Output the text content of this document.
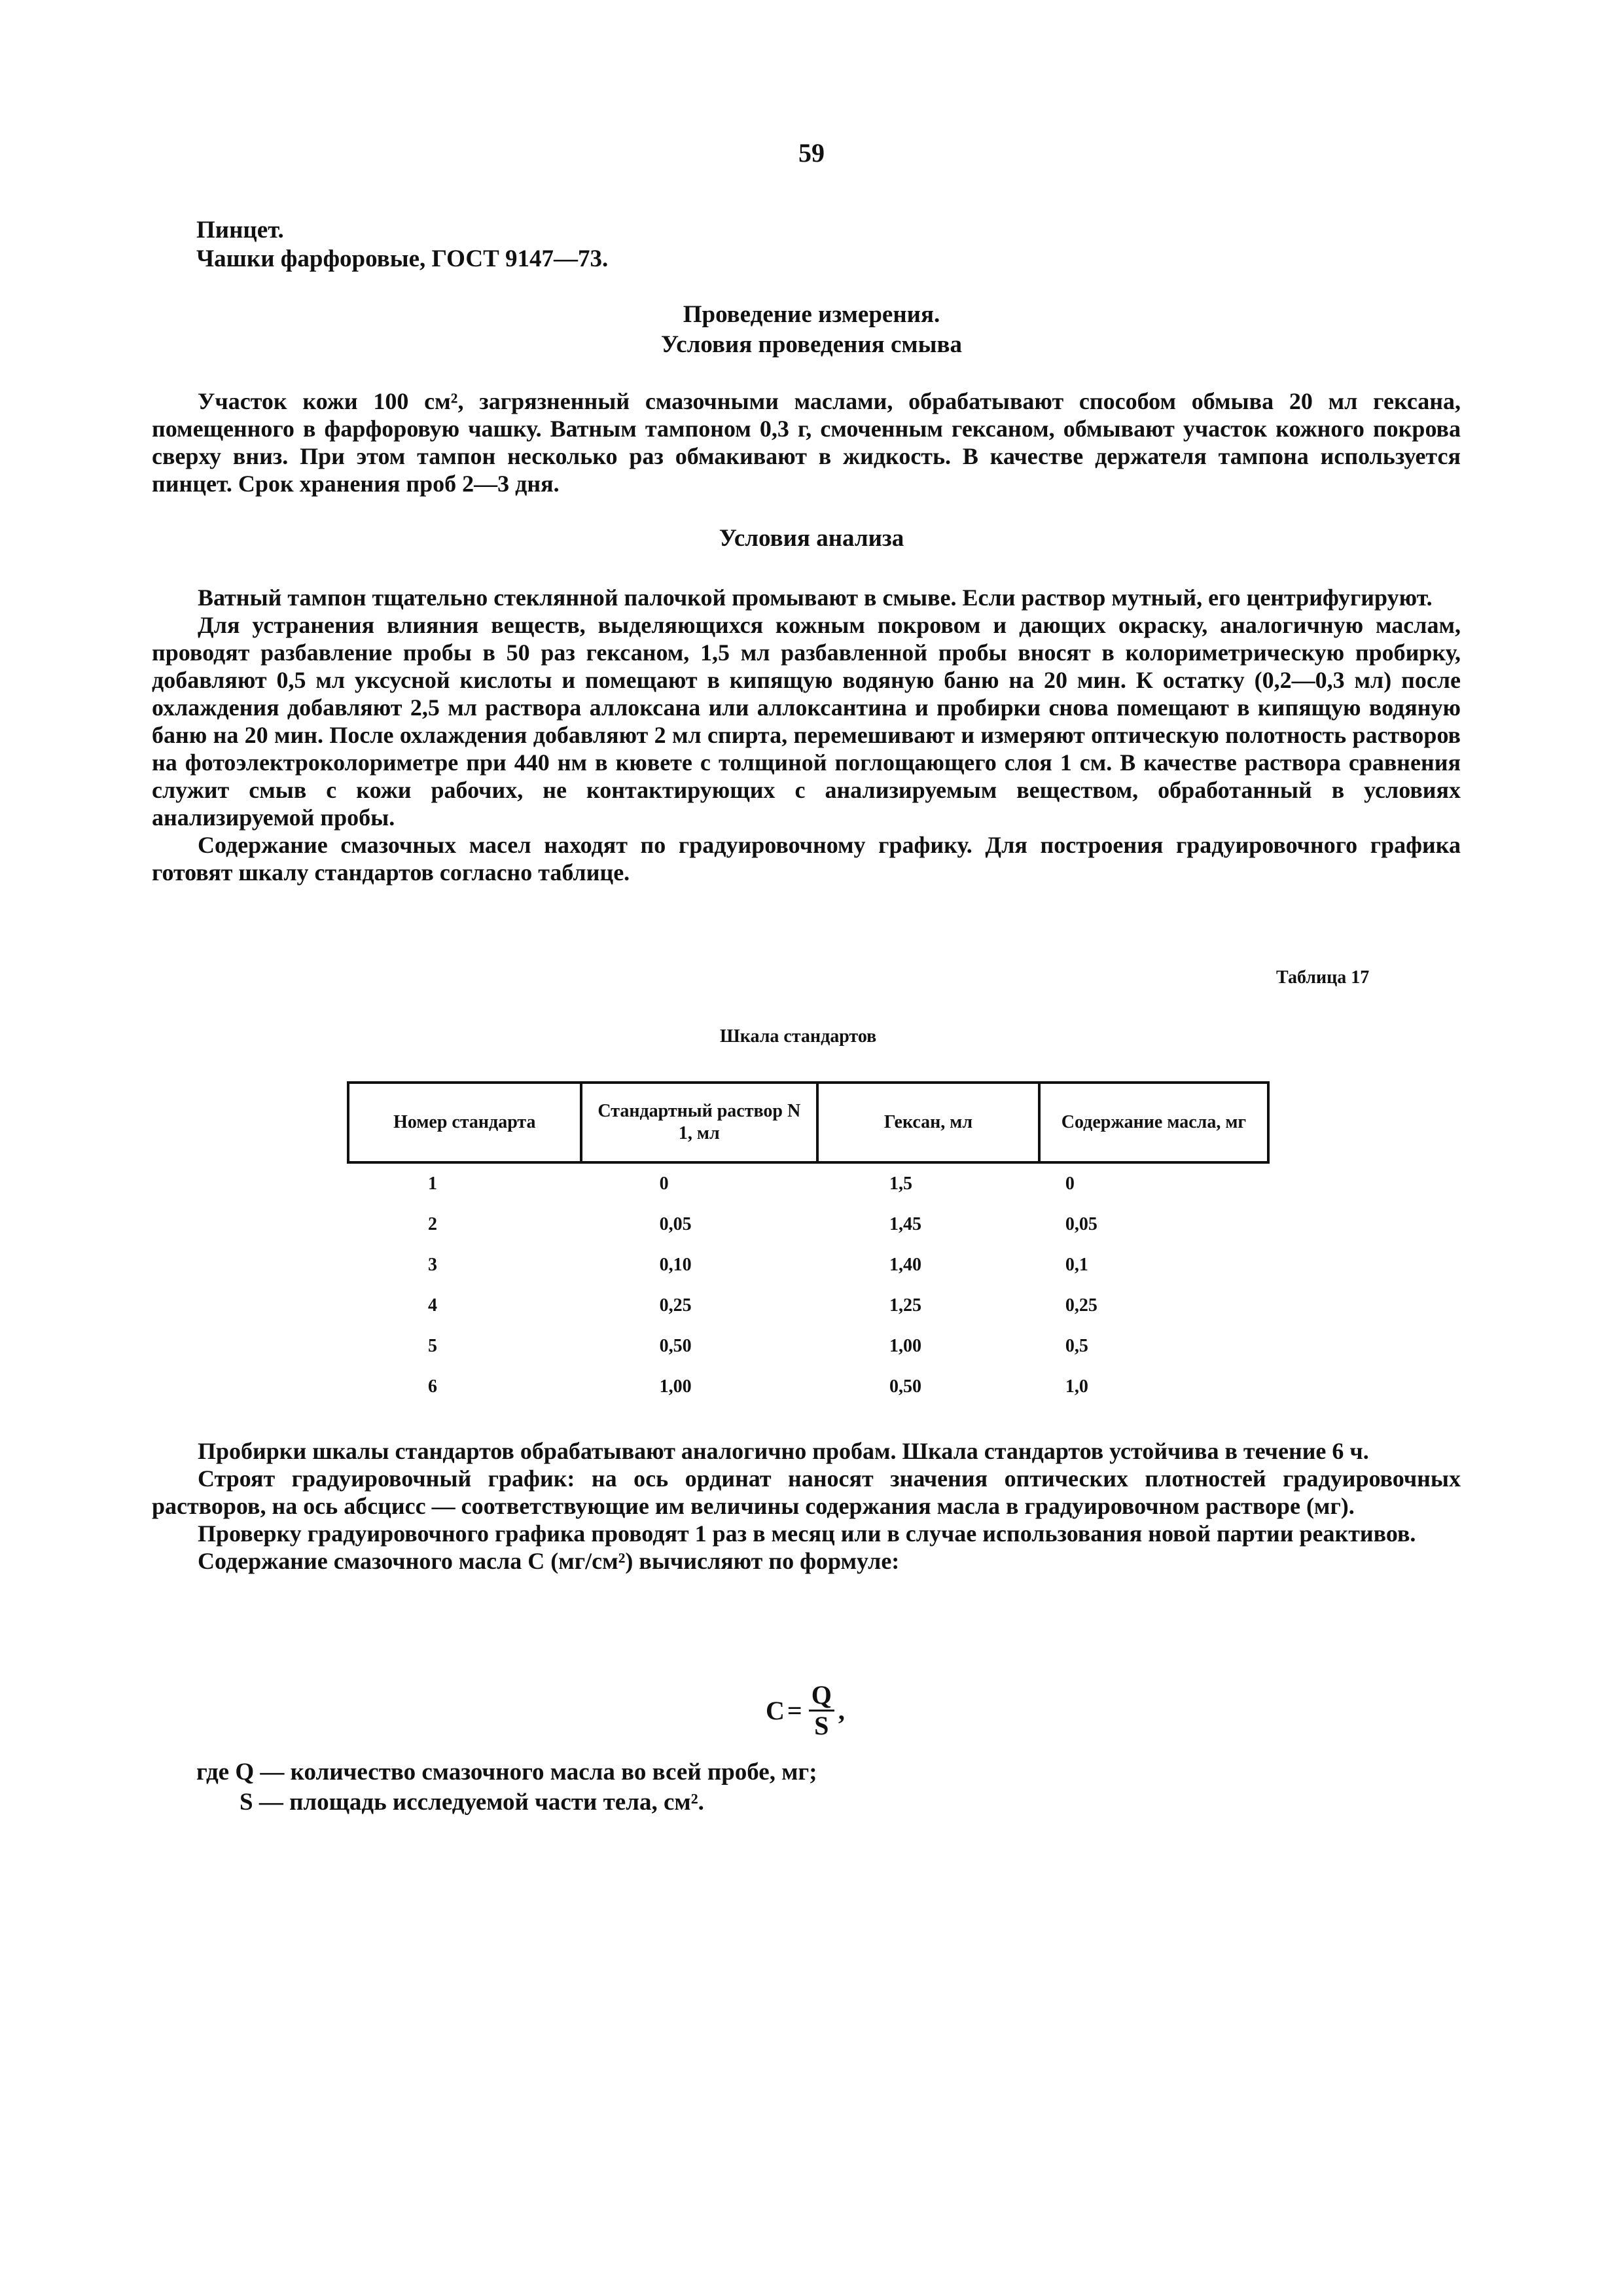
59
Пинцет.
Чашки фарфоровые, ГОСТ 9147—73.
Проведение измерения.
Условия проведения смыва

Участок кожи 100 см², загрязненный смазочными маслами, обрабатывают способом обмыва 20 мл гексана, помещенного в фарфоровую чашку. Ватным тампоном 0,3 г, смоченным гексаном, обмывают участок кожного покрова сверху вниз. При этом тампон несколько раз обмакивают в жидкость. В качестве держателя тампона используется пинцет. Срок хранения проб 2—3 дня.

Условия анализа

Ватный тампон тщательно стеклянной палочкой промывают в смыве. Если раствор мутный, его центрифугируют.

Для устранения влияния веществ, выделяющихся кожным покровом и дающих окраску, аналогичную маслам, проводят разбавление пробы в 50 раз гексаном, 1,5 мл разбавленной пробы вносят в колориметрическую пробирку, добавляют 0,5 мл уксусной кислоты и помещают в кипящую водяную баню на 20 мин. К остатку (0,2—0,3 мл) после охлаждения добавляют 2,5 мл раствора аллоксана или аллоксантина и пробирки снова помещают в кипящую водяную баню на 20 мин. После охлаждения добавляют 2 мл спирта, перемешивают и измеряют оптическую полотность растворов на фотоэлектроколориметре при 440 нм в кювете с толщиной поглощающего слоя 1 см. В качестве раствора сравнения служит смыв с кожи рабочих, не контактирующих с анализируемым веществом, обработанный в условиях анализируемой пробы.

Содержание смазочных масел находят по градуировочному графику. Для построения градуировочного графика готовят шкалу стандартов согласно таблице.

Таблица 17
Шкала стандартов
Номер стандарта	Стандартный раствор N 1, мл	Гексан, мл	Содержание масла, мг
1	0	1,5	0
2	0,05	1,45	0,05
3	0,10	1,40	0,1
4	0,25	1,25	0,25
5	0,50	1,00	0,5
6	1,00	0,50	1,0

Пробирки шкалы стандартов обрабатывают аналогично пробам. Шкала стандартов устойчива в течение 6 ч.

Строят градуировочный график: на ось ординат наносят значения оптических плотностей градуировочных растворов, на ось абсцисс — соответствующие им величины содержания масла в градуировочном растворе (мг).

Проверку градуировочного графика проводят 1 раз в месяц или в случае использования новой партии реактивов.

Содержание смазочного масла С (мг/см²) вычисляют по формуле:

$С = \frac{Q}{S}$ ,
где Q — количество смазочного масла во всей пробе, мг;
S — площадь исследуемой части тела, см².
